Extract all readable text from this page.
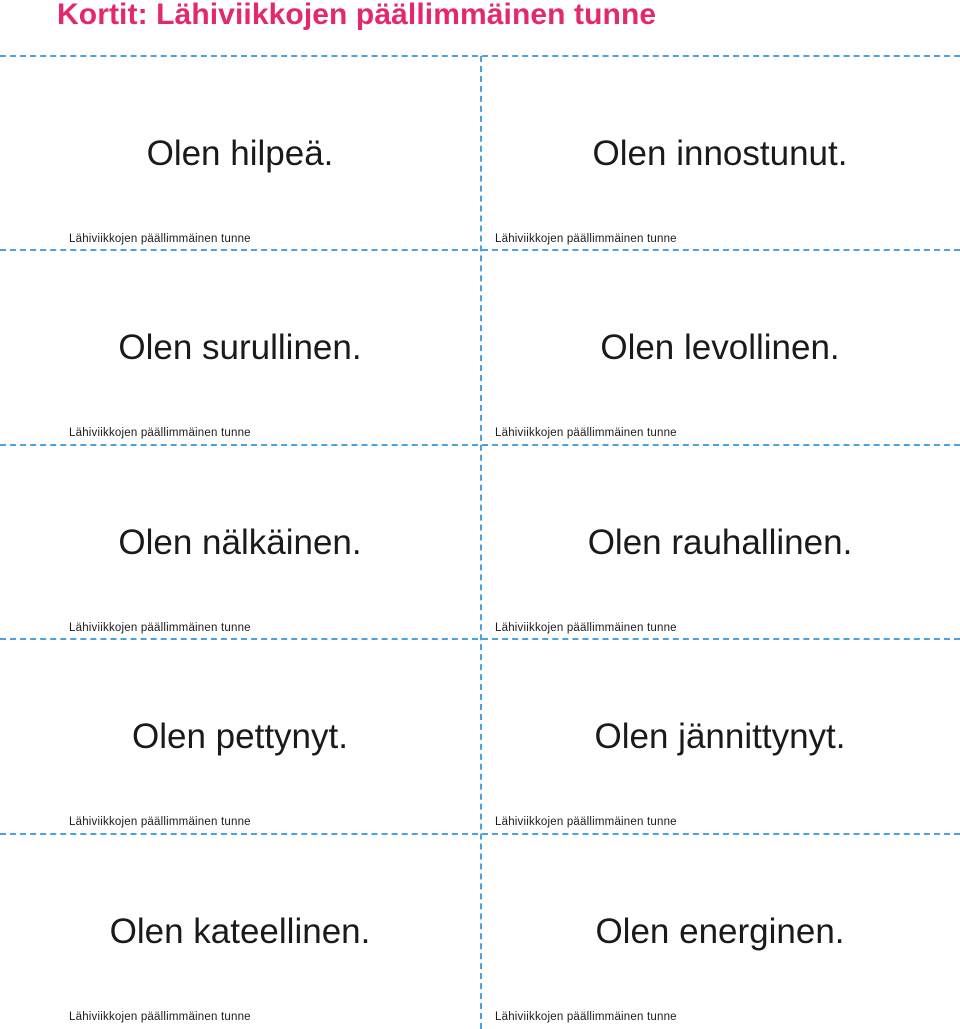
Kortit: Lähiviikkojen päällimmäinen tunne
Olen hilpeä.
Lähiviikkojen päällimmäinen tunne
Olen innostunut.
Lähiviikkojen päällimmäinen tunne
Olen surullinen.
Lähiviikkojen päällimmäinen tunne
Olen levollinen.
Lähiviikkojen päällimmäinen tunne
Olen nälkäinen.
Lähiviikkojen päällimmäinen tunne
Olen rauhallinen.
Lähiviikkojen päällimmäinen tunne
Olen pettynyt.
Lähiviikkojen päällimmäinen tunne
Olen jännittynyt.
Lähiviikkojen päällimmäinen tunne
Olen kateellinen.
Lähiviikkojen päällimmäinen tunne
Olen energinen.
Lähiviikkojen päällimmäinen tunne
